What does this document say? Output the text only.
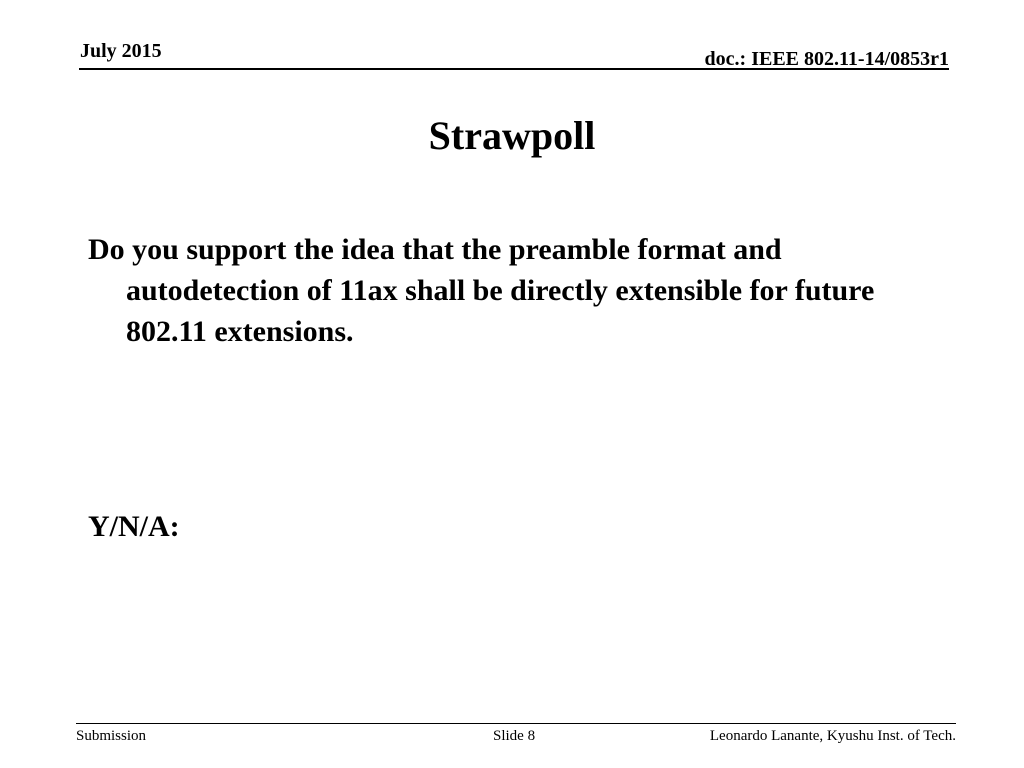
July 2015	doc.: IEEE 802.11-14/0853r1
Strawpoll
Do you support the idea that the preamble format and autodetection of 11ax shall be directly extensible for future 802.11 extensions.
Y/N/A:
Submission	Slide 8	Leonardo Lanante, Kyushu Inst. of Tech.
